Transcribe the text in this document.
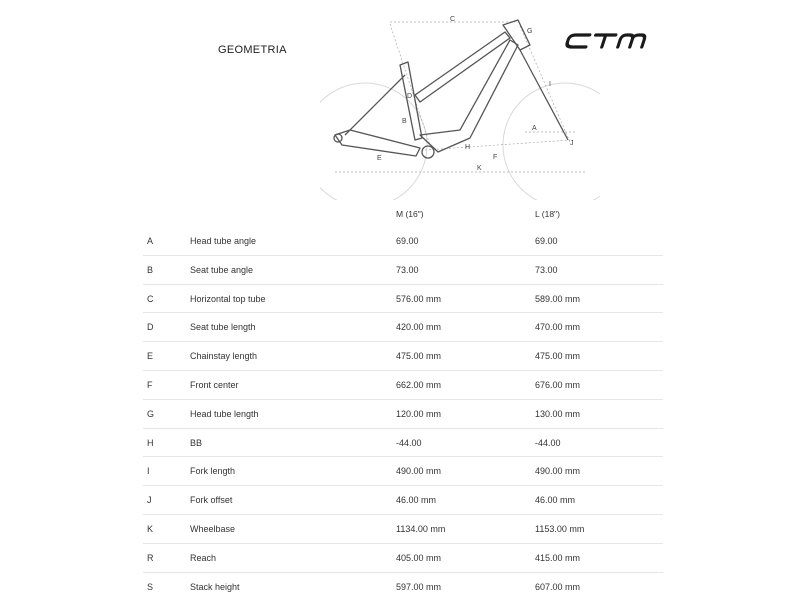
GEOMETRIA
A
B
C
D
E	F
G
H
I
J
K
M (16")	L (18")
A	Head tube angle	69.00	69.00
B	Seat tube angle	73.00	73.00
C	Horizontal top tube	576.00 mm	589.00 mm
D	Seat tube length	420.00 mm	470.00 mm
E	Chainstay length	475.00 mm	475.00 mm
F	Front center	662.00 mm	676.00 mm
G	Head tube length	120.00 mm	130.00 mm
H	BB	-44.00	-44.00
I	Fork length	490.00 mm	490.00 mm
J	Fork offset	46.00 mm	46.00 mm
K	Wheelbase	1134.00 mm	1153.00 mm
R	Reach	405.00 mm	415.00 mm
S	Stack height	597.00 mm	607.00 mm
